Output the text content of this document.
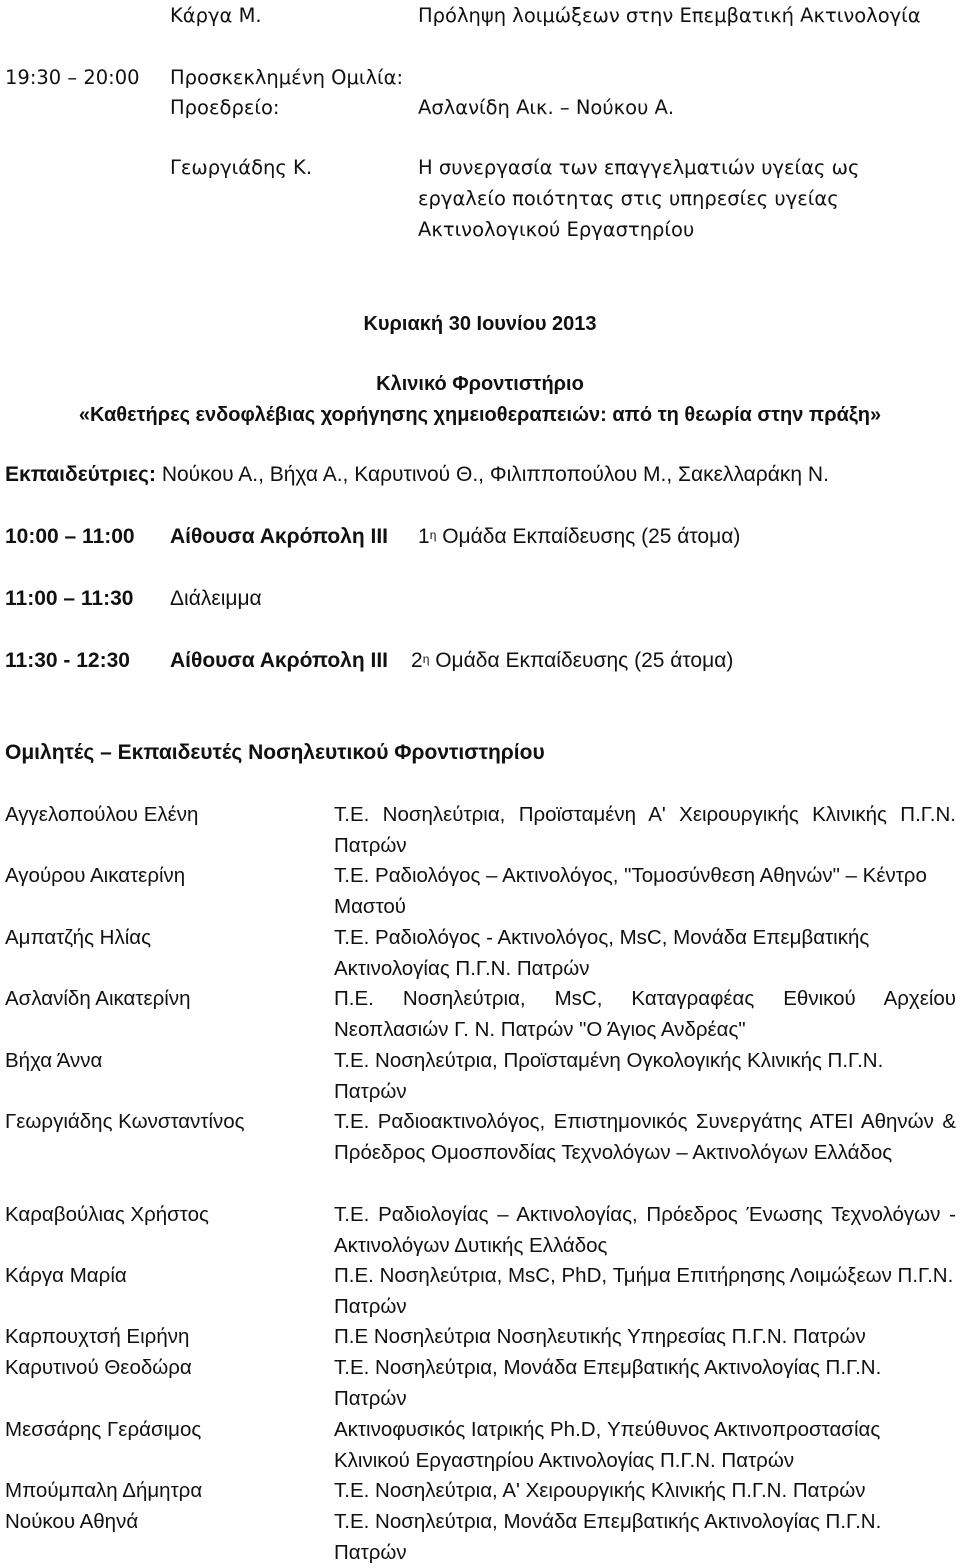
Κάργα Μ.	Πρόληψη λοιμώξεων στην Επεμβατική Ακτινολογία
19:30 – 20:00 Προσκεκλημένη Ομιλία:
Προεδρείο:	Ασλανίδη Αικ. – Νούκου Α.
Γεωργιάδης Κ.	Η συνεργασία των επαγγελματιών υγείας ως
εργαλείο ποιότητας στις υπηρεσίες υγείας
Ακτινολογικού Εργαστηρίου
Κυριακή 30 Ιουνίου 2013
Κλινικό Φροντιστήριο
«Καθετήρες ενδοφλέβιας χορήγησης χημειοθεραπειών: από τη θεωρία στην πράξη»
Εκπαιδεύτριες: Νούκου Α., Βήχα Α., Καρυτινού Θ., Φιλιπποπούλου Μ., Σακελλαράκη Ν.
10:00 – 11:00 Αίθουσα Ακρόπολη ΙΙΙ $1^\eta$ Ομάδα Εκπαίδευσης (25 άτομα)
11:00 – 11:30 Διάλειμμα
11:30 - 12:30 Αίθουσα Ακρόπολη ΙΙΙ $2^\eta$ Ομάδα Εκπαίδευσης (25 άτομα)
Ομιλητές – Εκπαιδευτές Νοσηλευτικού Φροντιστηρίου
Αγγελοπούλου Ελένη	Τ.Ε. Νοσηλεύτρια, Προϊσταμένη Α' Χειρουργικής Κλινικής Π.Γ.Ν. Πατρών
Αγούρου Αικατερίνη	Τ.Ε. Ραδιολόγος – Ακτινολόγος, "Τομοσύνθεση Αθηνών" – Κέντρο Μαστού
Αμπατζής Ηλίας	Τ.Ε. Ραδιολόγος - Ακτινολόγος, MsC, Μονάδα Επεμβατικής Ακτινολογίας Π.Γ.Ν. Πατρών
Ασλανίδη Αικατερίνη	Π.Ε. Νοσηλεύτρια, MsC, Καταγραφέας Εθνικού Αρχείου Νεοπλασιών Γ. Ν. Πατρών "Ο Άγιος Ανδρέας"
Βήχα Άννα	Τ.Ε. Νοσηλεύτρια, Προϊσταμένη Ογκολογικής Κλινικής Π.Γ.Ν. Πατρών
Γεωργιάδης Κωνσταντίνος	Τ.Ε. Ραδιοακτινολόγος, Επιστημονικός Συνεργάτης ΑΤΕΙ Αθηνών & Πρόεδρος Ομοσπονδίας Τεχνολόγων – Ακτινολόγων Ελλάδος
Καραβούλιας Χρήστος	Τ.Ε. Ραδιολογίας – Ακτινολογίας, Πρόεδρος Ένωσης Τεχνολόγων - Ακτινολόγων Δυτικής Ελλάδος
Κάργα Μαρία	Π.Ε. Νοσηλεύτρια, MsC, PhD, Τμήμα Επιτήρησης Λοιμώξεων Π.Γ.Ν. Πατρών
Καρπουχτσή Ειρήνη	Π.Ε Νοσηλεύτρια Νοσηλευτικής Υπηρεσίας Π.Γ.Ν. Πατρών
Καρυτινού Θεοδώρα	Τ.Ε. Νοσηλεύτρια, Μονάδα Επεμβατικής Ακτινολογίας Π.Γ.Ν. Πατρών
Μεσσάρης Γεράσιμος	Ακτινοφυσικός Ιατρικής Ph.D, Υπεύθυνος Ακτινοπροστασίας Κλινικού Εργαστηρίου Ακτινολογίας Π.Γ.Ν. Πατρών
Μπούμπαλη Δήμητρα	Τ.Ε. Νοσηλεύτρια, Α' Χειρουργικής Κλινικής Π.Γ.Ν. Πατρών
Νούκου Αθηνά	Τ.Ε. Νοσηλεύτρια, Μονάδα Επεμβατικής Ακτινολογίας Π.Γ.Ν. Πατρών
